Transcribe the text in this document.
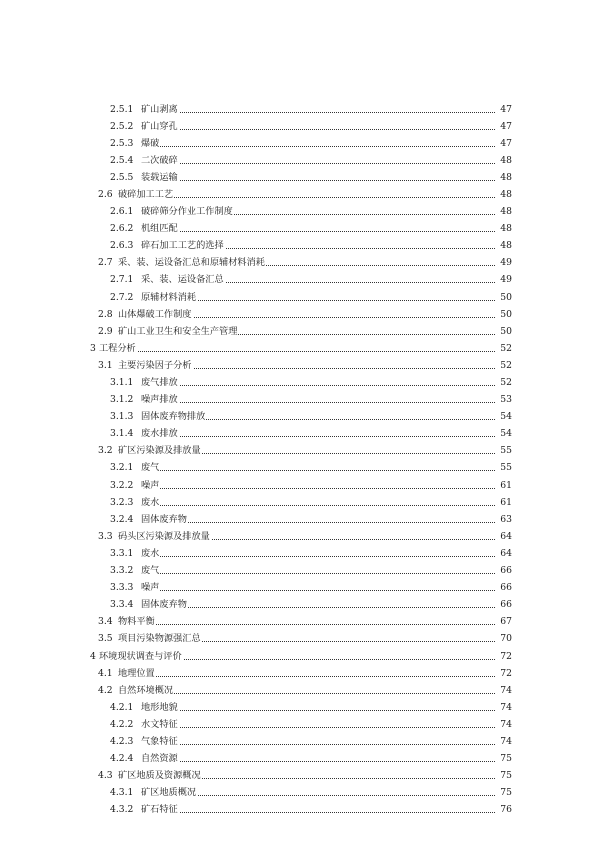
2.5.1 矿山剥离	47
2.5.2 矿山穿孔	47
2.5.3 爆破	47
2.5.4 二次破碎	48
2.5.5 装载运输	48
2.6 破碎加工工艺	48
2.6.1 破碎筛分作业工作制度	48
2.6.2 机组匹配	48
2.6.3 碎石加工工艺的选择	48
2.7 采、装、运设备汇总和原辅材料消耗	49
2.7.1 采、装、运设备汇总	49
2.7.2 原辅材料消耗	50
2.8 山体爆破工作制度	50
2.9 矿山工业卫生和安全生产管理	50
3 工程分析	52
3.1 主要污染因子分析	52
3.1.1 废气排放	52
3.1.2 噪声排放	53
3.1.3 固体废弃物排放	54
3.1.4 废水排放	54
3.2 矿区污染源及排放量	55
3.2.1 废气	55
3.2.2 噪声	61
3.2.3 废水	61
3.2.4 固体废弃物	63
3.3 码头区污染源及排放量	64
3.3.1 废水	64
3.3.2 废气	66
3.3.3 噪声	66
3.3.4 固体废弃物	66
3.4 物料平衡	67
3.5 项目污染物源强汇总	70
4 环境现状调查与评价	72
4.1 地理位置	72
4.2 自然环境概况	74
4.2.1 地形地貌	74
4.2.2 水文特征	74
4.2.3 气象特征	74
4.2.4 自然资源	75
4.3 矿区地质及资源概况	75
4.3.1 矿区地质概况	75
4.3.2 矿石特征	76
